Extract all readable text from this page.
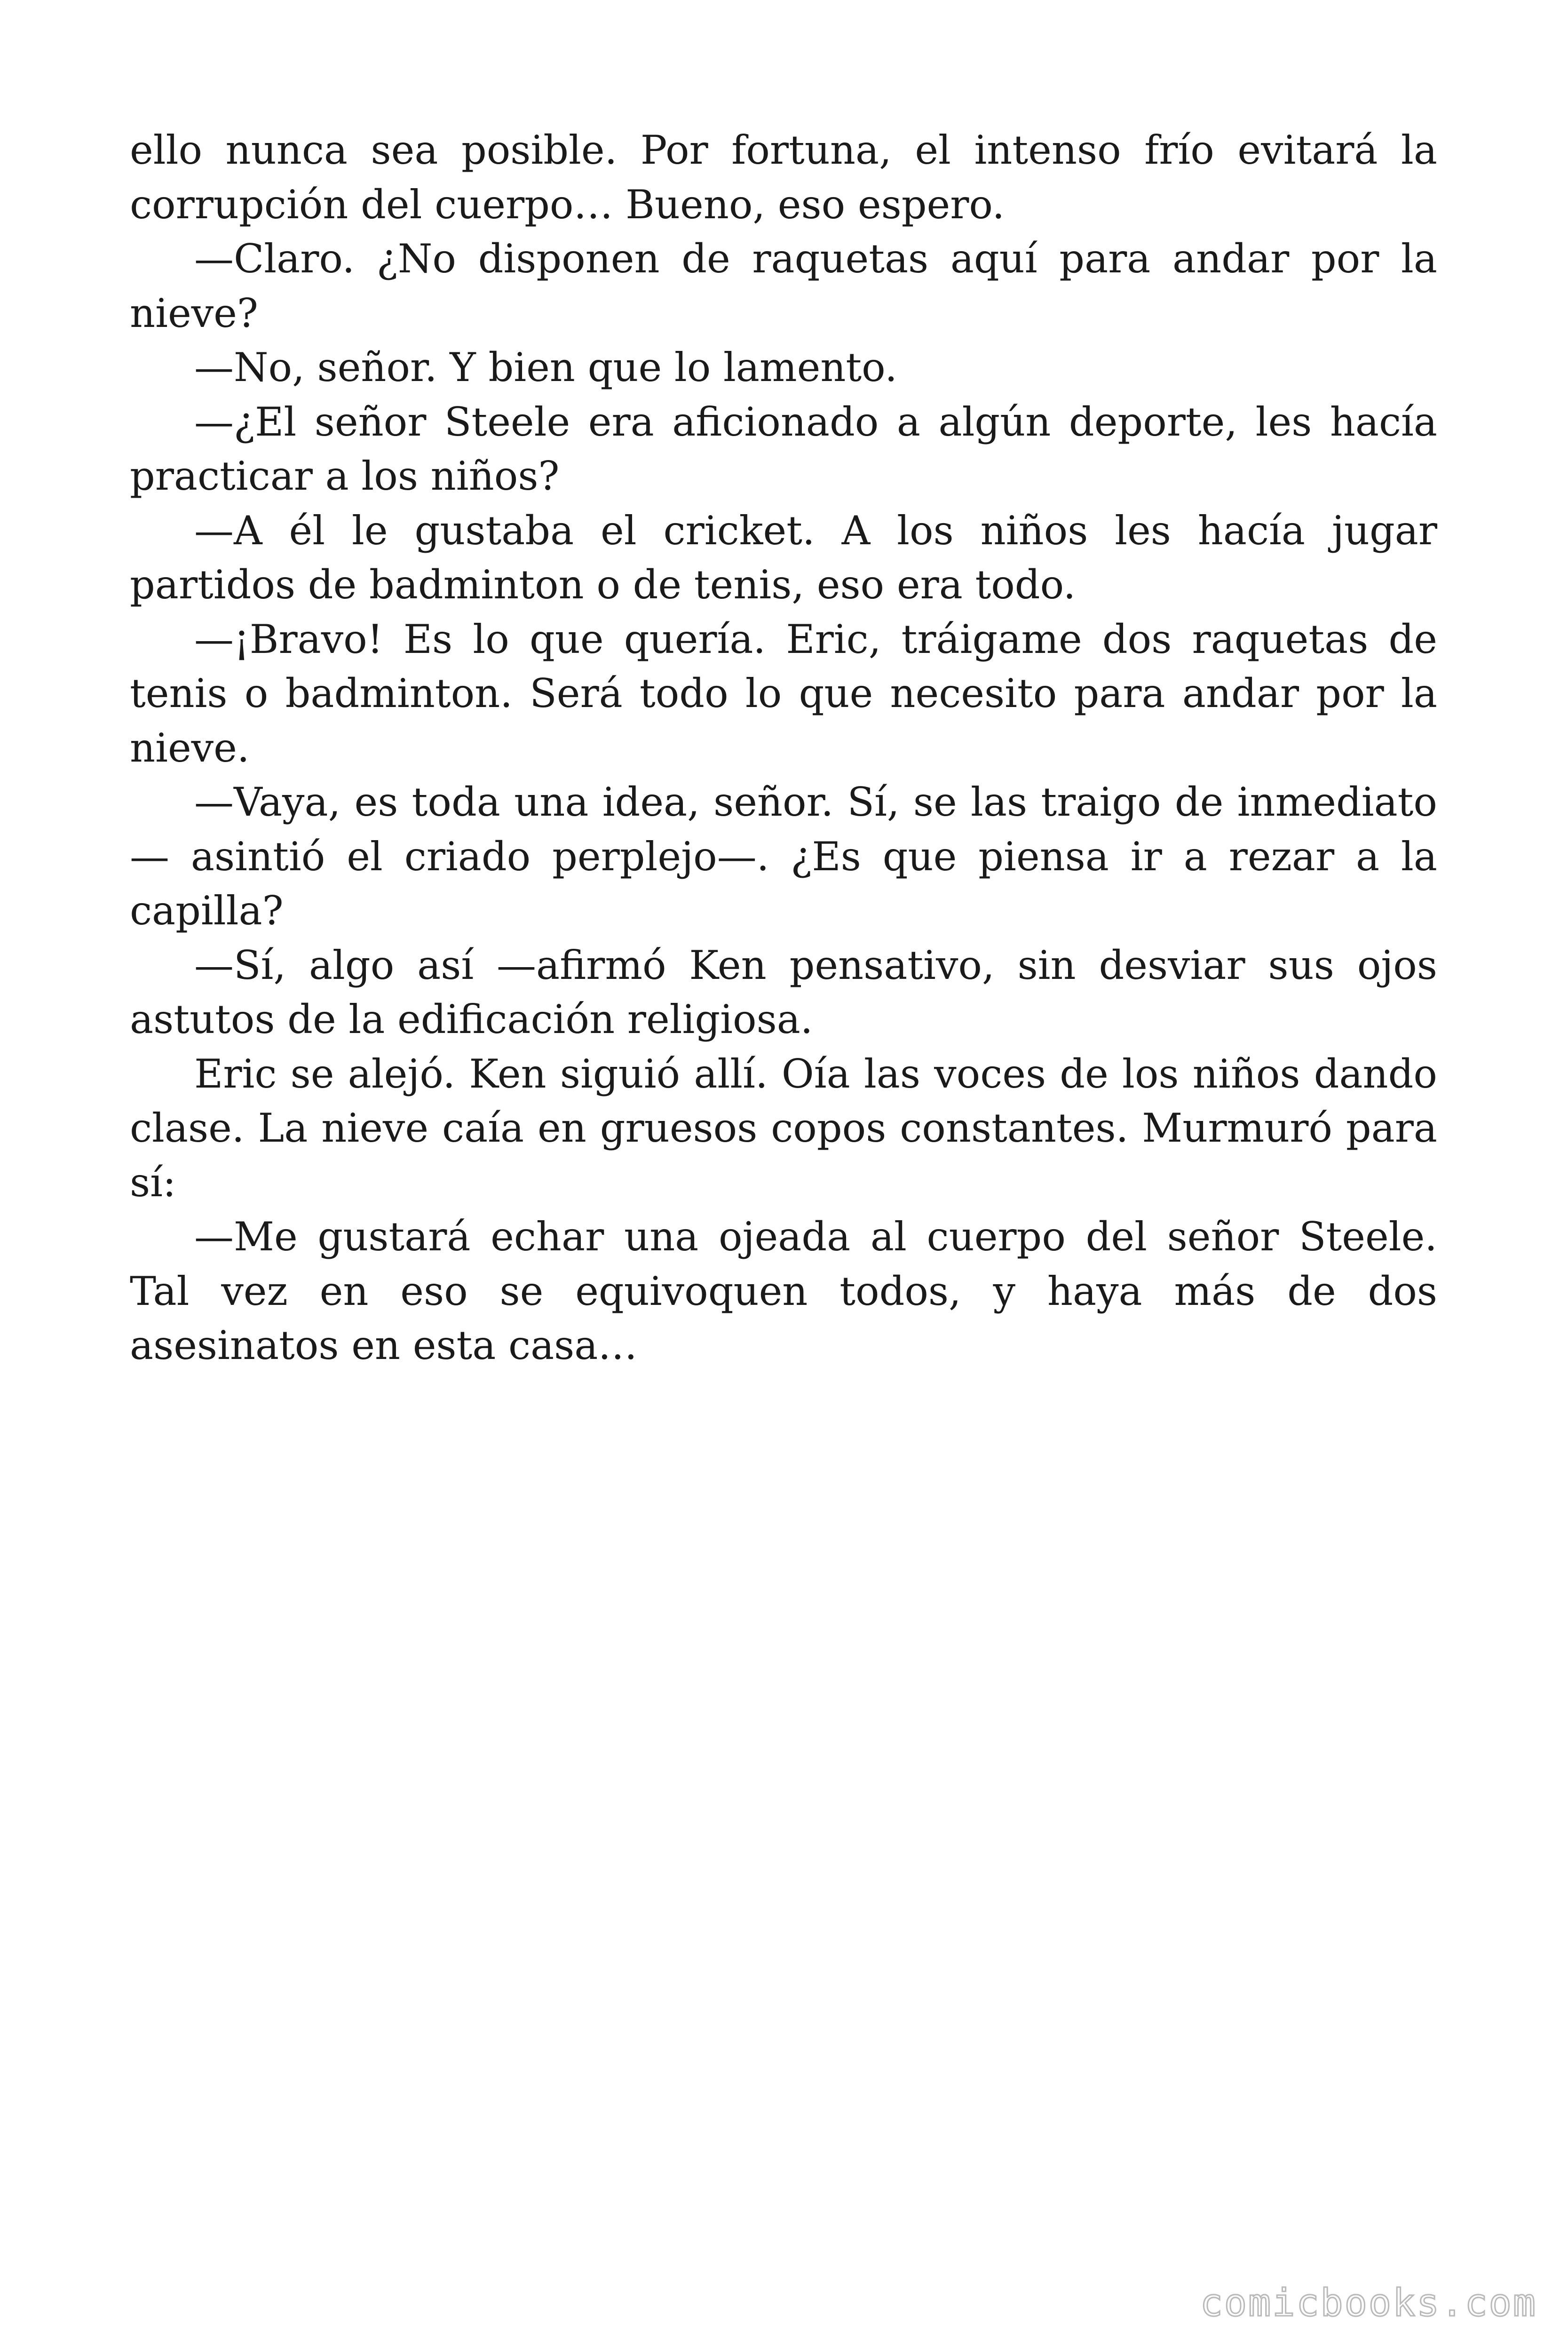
ello nunca sea posible. Por fortuna, el intenso frío evitará la corrupción del cuerpo… Bueno, eso espero.

—Claro. ¿No disponen de raquetas aquí para andar por la nieve?

—No, señor. Y bien que lo lamento.

—¿El señor Steele era aficionado a algún deporte, les hacía practicar a los niños?

—A él le gustaba el cricket. A los niños les hacía jugar partidos de badminton o de tenis, eso era todo.

—¡Bravo! Es lo que quería. Eric, tráigame dos raquetas de tenis o badminton. Será todo lo que necesito para andar por la nieve.

—Vaya, es toda una idea, señor. Sí, se las traigo de inmediato — asintió el criado perplejo—. ¿Es que piensa ir a rezar a la capilla?

—Sí, algo así —afirmó Ken pensativo, sin desviar sus ojos astutos de la edificación religiosa.

Eric se alejó. Ken siguió allí. Oía las voces de los niños dando clase. La nieve caía en gruesos copos constantes. Murmuró para sí:

—Me gustará echar una ojeada al cuerpo del señor Steele. Tal vez en eso se equivoquen todos, y haya más de dos asesinatos en esta casa…

comicbooks.com
